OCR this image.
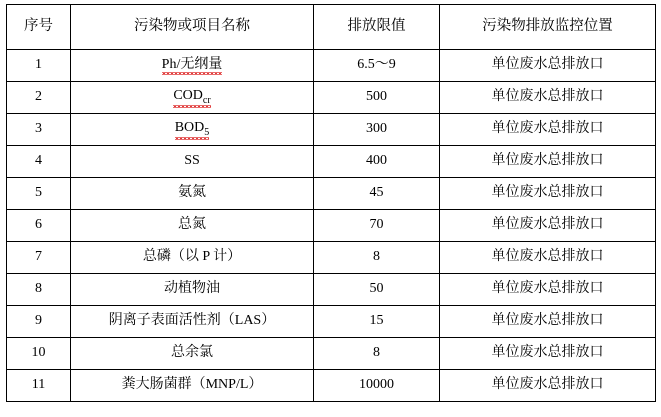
序号	污染物或项目名称	排放限值	污染物排放监控位置
1	Ph/无纲量	6.5～9	单位废水总排放口
2	$COD_{cr}$	500	单位废水总排放口
3	$BOD_5$	300	单位废水总排放口
4	SS	400	单位废水总排放口
5	氨氮	45	单位废水总排放口
6	总氮	70	单位废水总排放口
7	总磷（以 P 计）	8	单位废水总排放口
8	动植物油	50	单位废水总排放口
9	阴离子表面活性剂（LAS）	15	单位废水总排放口
10	总余氯	8	单位废水总排放口
11	粪大肠菌群（MNP/L）	10000	单位废水总排放口
